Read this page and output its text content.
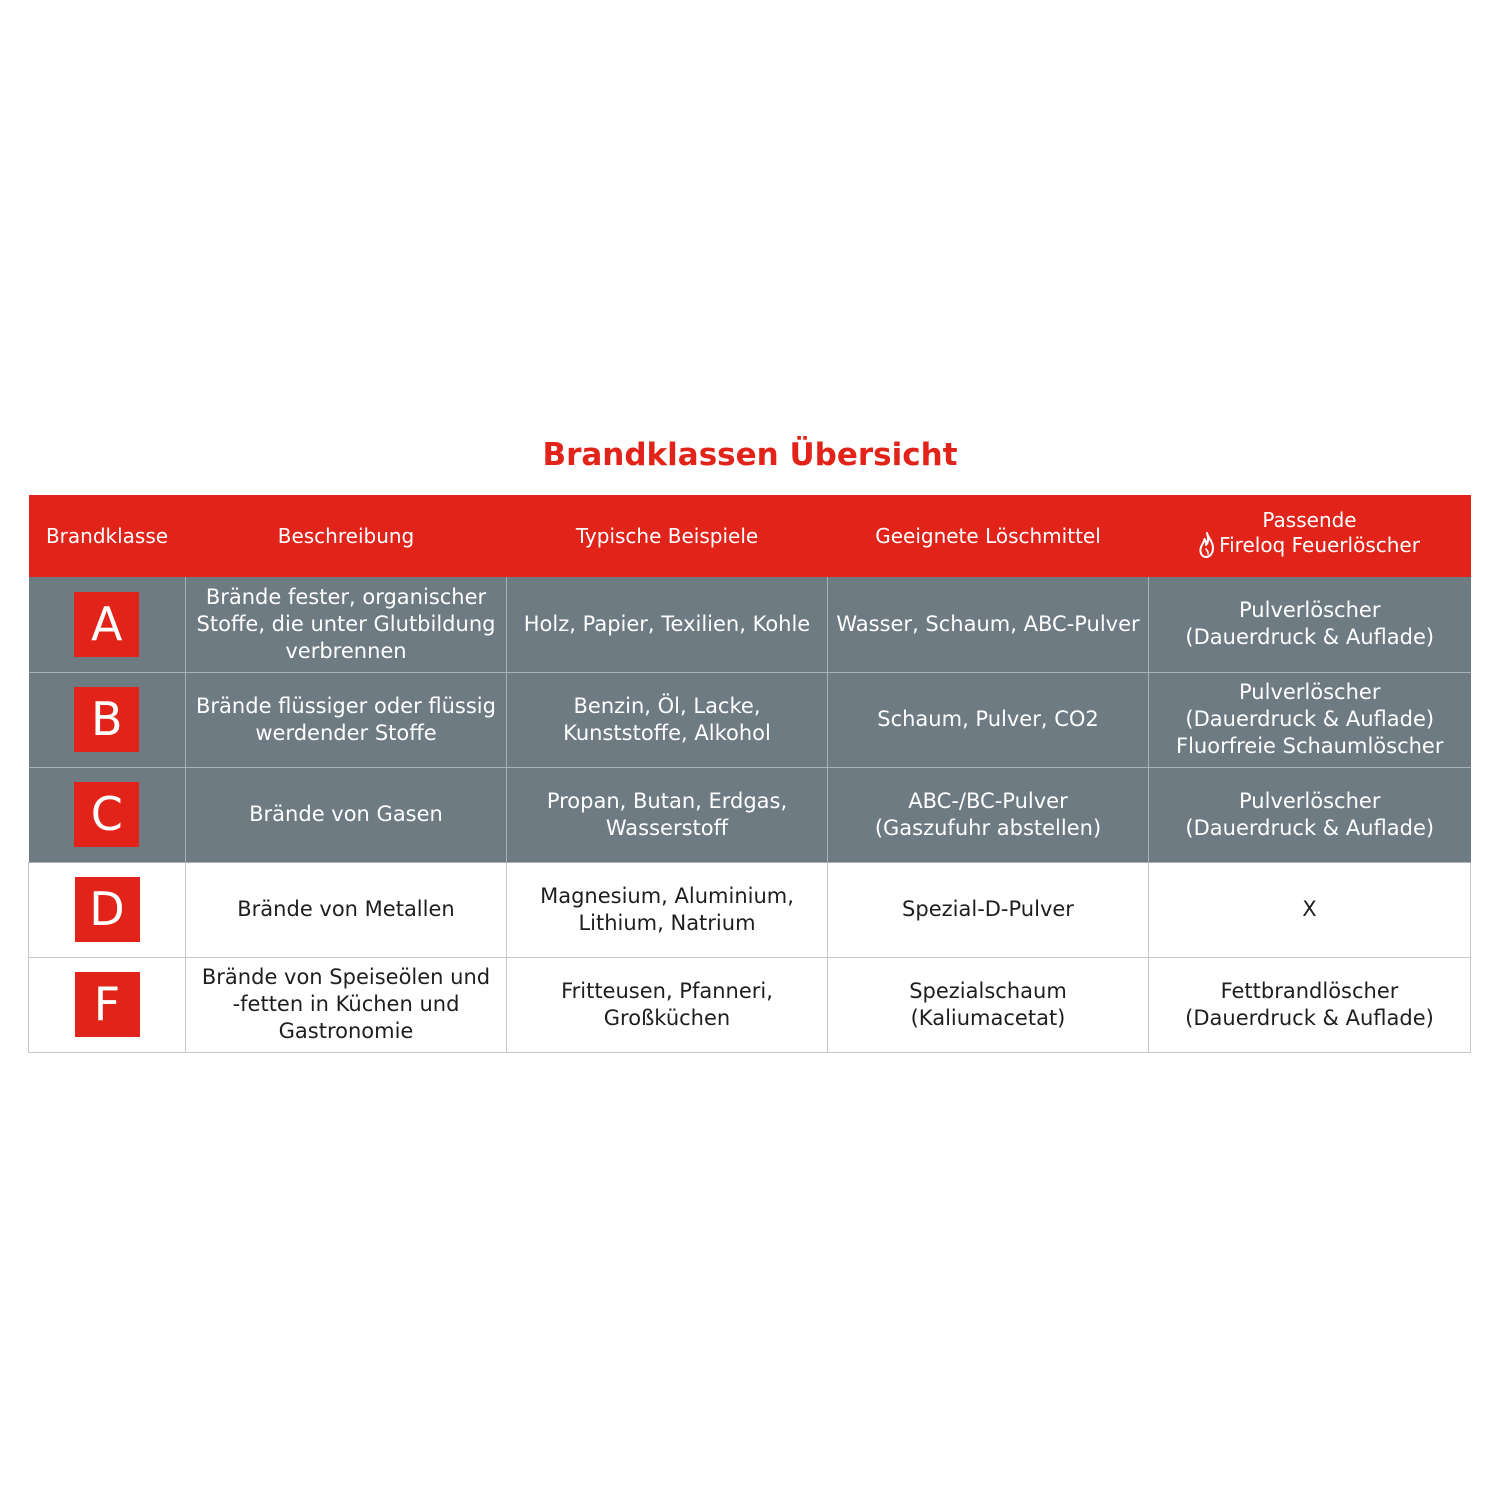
Brandklassen Übersicht
Brandklasse	Beschreibung	Typische Beispiele	Geeignete Löschmittel	Passende

Fireloq Feuerlöscher

A	Brände fester, organischer
Stoffe, die unter Glutbildung
verbrennen	Holz, Papier, Texilien, Kohle	Wasser, Schaum, ABC-Pulver	Pulverlöscher
(Dauerdruck & Auflade)
B	Brände flüssiger oder flüssig
werdender Stoffe	Benzin, Öl, Lacke,
Kunststoffe, Alkohol	Schaum, Pulver, CO2	Pulverlöscher
(Dauerdruck & Auflade)
Fluorfreie Schaumlöscher
C	Brände von Gasen	Propan, Butan, Erdgas,
Wasserstoff	ABC-/BC-Pulver
(Gaszufuhr abstellen)	Pulverlöscher
(Dauerdruck & Auflade)
D	Brände von Metallen	Magnesium, Aluminium,
Lithium, Natrium	Spezial-D-Pulver	X
F	Brände von Speiseölen und
-fetten in Küchen und
Gastronomie	Fritteusen, Pfanneri,
Großküchen	Spezialschaum
(Kaliumacetat)	Fettbrandlöscher
(Dauerdruck & Auflade)
